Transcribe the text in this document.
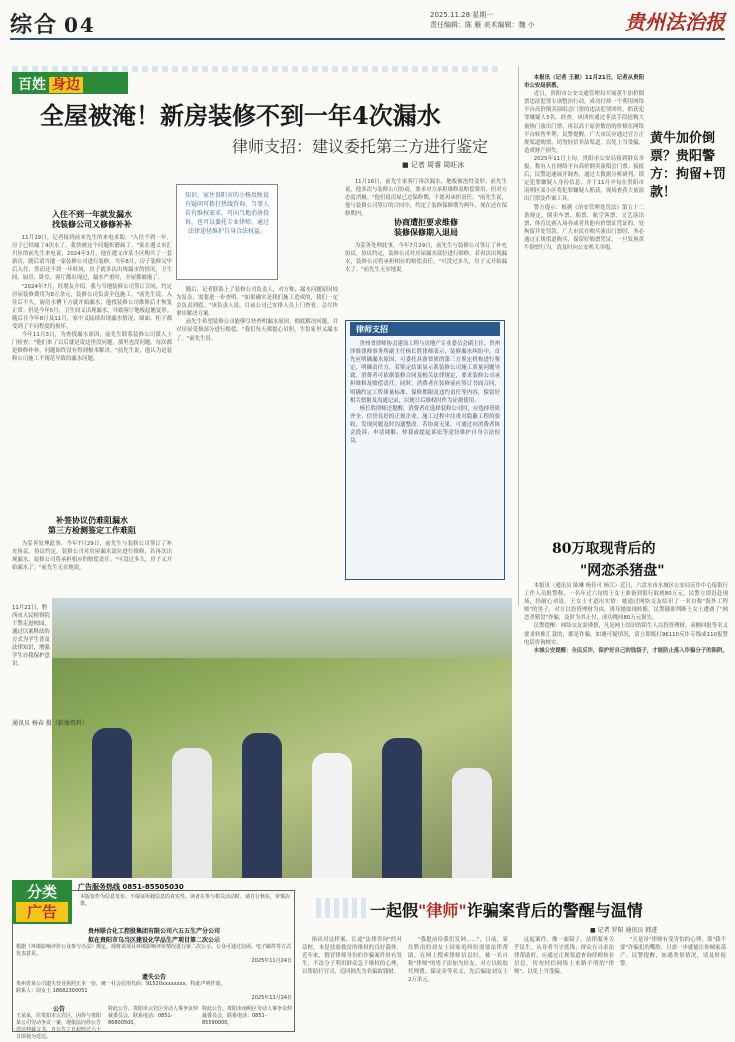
综合 04	2025.11.28 星期一
责任编辑：陈 雁 美术编辑：魏 小	贵州法治报
百姓 身边
全屋被淹！新房装修不到一年4次漏水
律师支招：建议委托第三方进行鉴定
■ 记者 周睿 周旺冰
入住不到一年就发漏水
找装修公司又修修补补

11月19日，记者接到前来先生的来电求助。"入住不到一年，房子已经漏了4次水了，我快被这个问题折磨疯了。"家在遵义市汇川区的前先生来电说，2024年3月，他在遵义市某小区购买了一套新房，随后请当地一家装修公司进行装修。当年8月，房子装修完毕后入住，然而还不到一年时间，房子就多次出现漏水的情况，卫生间、厨房、卧室、客厅都出现过，漏水严重时，全屋都被淹了。

"2024年7月，经朋友介绍，我与当地装修公司签订合同，约定房屋装修费用为8万余元，装修公司负责全包施工。"前先生说，入住后不久，厨房水槽下方就开始漏水，他找装修公司维修后才恢复正常。但是今年5月，卫生间又出现漏水，导致客厅地板起翘变形。随后在今年8月及11月，家中又陆续出现漏水情况，墙面、柜子都受到了不同程度的损坏。

今年11月3日，为查找漏水原因，前先生联系装修公司派人上门检查。"他们来了以后就是说这里没问题，那里也没问题，每次都是修修补补，问题始终没有得到根本解决。"前先生说，他认为是装修公司施工不规范导致的漏水问题。

补签协议仍难阻漏水
第三方检测鉴定工作难阻

为妥善处理此事，今年7月29日，前先生与装修公司签订了补充协议。协议约定，装修公司对房屋漏水部位进行维修，若再次出现漏水，装修公司将承担相应的赔偿责任。"可没过多久，房子又开始漏水了。"前先生无奈地说。

知识、家住贵阳市的小杨反映说有疑问可拨打热线咨询，当事人若有维权需求，可向当地消协投诉，也可以委托专业律师，通过法律途径维护自身合法权益。

随后，记者联系上了装修公司负责人，对方称，漏水问题原因较为复杂，需要进一步查明。"如果确实是我们施工造成的，我们一定会负责到底。"该负责人说，目前公司已安排人员上门查看，会尽快拿出解决方案。

前先生希望装修公司能够尽快查明漏水原因，彻底解决问题，并对房屋受损部分进行赔偿。"我们每天都提心吊胆，生怕家里又漏水了。"前先生说。

11月16日，前先生家客厅再次漏水，地板被泡得变形。前先生说，他多次与装修公司协商，要求对方承担维修及赔偿费用，但对方态度消极。"他们说房屋已过保修期，不愿再承担责任。"前先生说，他与装修公司签订的合同中，约定了装修保修期为两年，现在还在保修期内。

协商遭拒要求维修
装修保修期入退局

为妥善处理此事，今年7月29日，前先生与装修公司签订了补充协议。协议约定，装修公司对房屋漏水部位进行维修，若再次出现漏水，装修公司将承担相应的赔偿责任。"可没过多久，房子又开始漏水了。"前先生无奈地说。

律师支招

贵州省律师协会建设工程与房地产专业委员会副主任、贵州泽维律师事务所副主任杨长胜律师表示，装修漏水纠纷中，首先应明确漏水原因，可委托具备资质的第三方鉴定机构进行鉴定，明确责任方。若鉴定结果显示系装修公司施工质量问题导致，消费者可依据装修合同及相关法律规定，要求装修公司承担维修及赔偿责任。同时，消费者在装修前应签订书面合同，明确约定工程质量标准、保修期限及违约责任等内容，保留好相关票据及沟通记录，以便日后维权时作为证据使用。

杨长胜律师还提醒，消费者在选择装修公司时，应选择资质齐全、信誉良好的正规企业，施工过程中注重对隐蔽工程的验收，发现问题及时沟通整改。若协商无果，可通过向消费者协会投诉、申请调解、仲裁或提起诉讼等途径维护自身合法权益。

本报讯（记者 王毅）11月21日，记者从贵阳市公安局获悉，

近日，贵阳市公安交通管理局开展黄牛加价倒票违法犯罪专项整治行动，成功打掉一个利用网络平台高价倒卖演唱会门票的违法犯罪团伙，抓获犯罪嫌疑人5名。经查，该团伙通过非法手段抢购大量热门演出门票，再以高于原价数倍的价格在网络平台转售牟利。民警提醒，广大市民应通过官方正规渠道购票，切勿轻信非法渠道，以免上当受骗，造成财产损失。

2025年11月上旬，贵阳市公安局接到群众举报，称有人在网络平台高价倒卖演唱会门票。接报后，民警迅速展开调查，通过大数据分析研判，锁定犯罪嫌疑人身份信息，并于11月中旬在贵阳市南明区某小区将犯罪嫌疑人抓获，现场查获大量演出门票及作案工具。

警方提示：根据《治安管理处罚法》第五十二条规定，倒卖车票、船票、航空客票、文艺演出票、体育比赛入场券或者其他有价票证凭证的，处拘留并处罚款。广大市民在购买演出门票时，务必通过正规渠道购买，保留好购票凭证，一旦发现黄牛倒票行为，请及时向公安机关举报。

黄牛加价倒票？贵阳警方：拘留+罚款！
80万取现背后的
"网恋杀猪盘"

本报讯（通讯员 陈琳 杨佳可 杨江）近日，六盘水市水城区公安局反诈中心接银行工作人员报警称，一名年过六旬的王女士准备到银行取现80万元。民警立即赶赴现场，经耐心劝说，王女士才道出实情：她通过网络交友结识了一名自称"海外工程师"的男子，对方以投资理财为由，诱导她取现转账。民警随即判断王女士遭遇了"网恋杀猪盘"诈骗，及时为其止付，成功挽回80万元损失。

民警提醒：网络交友需谨慎，凡是网上结识的陌生人以投资理财、高额回报等名义要求转账汇款的，都是诈骗。如遇可疑情况，请立即拨打96110反诈专线或110报警电话咨询核实。

水城公安提醒：全民反诈，保护好自己的钱袋子，才能防止落入诈骗分子的陷阱。

11月21日，黔西市人民检察院干警走进校园，通过以案释法的方式为学生普及法律知识，增强学生自我保护意识。
通讯员 杨春 摄（影像资料）
分类
广告
广告服务热线 0851-85505030
本版仅作为信息发布，不保证所载信息的真实性。读者在参与相关活动时，请自行核实，审慎决策。
贵州联合化工控股集团有限公司六五五生产分公司
拟在贵阳市乌当区建设化学品生产项目第二次公示
根据《环境影响评价公众参与办法》规定，现将该项目环境影响评价情况进行第二次公示。公众可通过信函、电子邮件等方式发表意见。
2025年11月24日
遗失公告
贵州省某公司遗失营业执照正本一份，统一社会信用代码：91520xxxxxxxx，特此声明作废。
联系人：周女士 18682300051
2025年11月24日
公告
王某某，住贵阳市云岩区，因你与贵阳某公司劳动争议一案，现依法向你公告送达仲裁文书，自公告之日起经过六十日即视为送达。
特此公告。贵阳市云岩区劳动人事争议仲裁委员会，联系电话：0851-86800500。
特此公告。贵阳市南明区劳动人事争议仲裁委员会，联系电话：0851-85590000。
一起假"律师"诈骗案背后的警醒与温情
■ 记者 罗阳 通讯员 韩进

指出对这样案，长途"法律咨询"的对话框，本是扶弱救贫的维权的良好载体。近年来，假冒律师身份的诈骗案件时有发生，不法分子利用群众急于维权的心理，以帮助打官司、追回损失为名骗取钱财。

"我提前给我们发网……"，日前，家住黔南的刘女士因家庭纠纷需要法律帮助，在网上搜索律师信息时，被一名自称"律师"的男子添加为好友。对方以收取代理费、保证金等名义，先后骗取刘女士2万余元。

这起案件，像一面镜子。法律服务关乎民生，从业者当守底线；群众在寻求法律帮助时，应通过正规渠道查询律师执业信息，切勿轻信网络上来路不明的"律师"，以免上当受骗。

"天是吊"律师有受害怕的心理，那"我不要"诈骗犯的嘴脸，只需一步就能让你倾家荡产。民警提醒，如遇类似情况，请及时报警。
